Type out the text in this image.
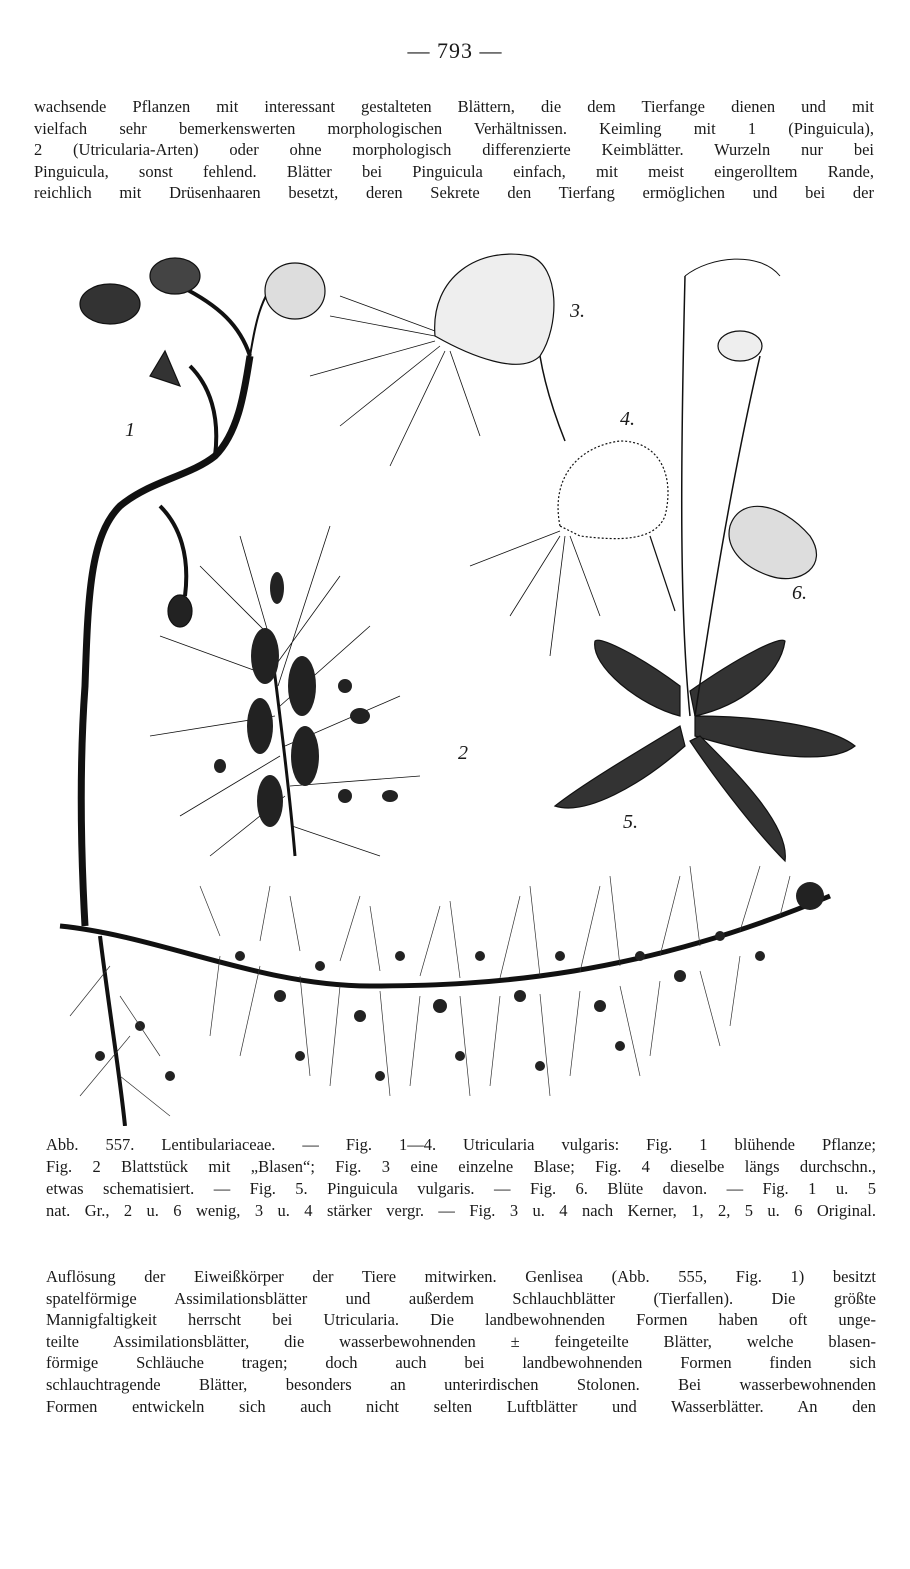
— 793 —
wachsende Pflanzen mit interessant gestalteten Blättern, die dem Tierfange dienen und mit
vielfach sehr bemerkenswerten morphologischen Verhältnissen. Keimling mit 1 (Pinguicula),
2 (Utricularia-Arten) oder ohne morphologisch differenzierte Keimblätter. Wurzeln nur bei
Pinguicula, sonst fehlend. Blätter bei Pinguicula einfach, mit meist eingerolltem Rande,
reichlich mit Drüsenhaaren besetzt, deren Sekrete den Tierfang ermöglichen und bei der
1
2
3.
4.
5.
6.
Abb. 557. Lentibulariaceae. — Fig. 1—4. Utricularia vulgaris: Fig. 1 blühende Pflanze;
Fig. 2 Blattstück mit „Blasen“; Fig. 3 eine einzelne Blase; Fig. 4 dieselbe längs durchschn.,
etwas schematisiert. — Fig. 5. Pinguicula vulgaris. — Fig. 6. Blüte davon. — Fig. 1 u. 5
nat. Gr., 2 u. 6 wenig, 3 u. 4 stärker vergr. — Fig. 3 u. 4 nach Kerner, 1, 2, 5 u. 6 Original.
Auflösung der Eiweißkörper der Tiere mitwirken. Genlisea (Abb. 555, Fig. 1) besitzt
spatelförmige Assimilationsblätter und außerdem Schlauchblätter (Tierfallen). Die größte
Mannigfaltigkeit herrscht bei Utricularia. Die landbewohnenden Formen haben oft unge-
teilte Assimilationsblätter, die wasserbewohnenden ± feingeteilte Blätter, welche blasen-
förmige Schläuche tragen; doch auch bei landbewohnenden Formen finden sich
schlauchtragende Blätter, besonders an unterirdischen Stolonen. Bei wasserbewohnenden
Formen entwickeln sich auch nicht selten Luftblätter und Wasserblätter. An den
